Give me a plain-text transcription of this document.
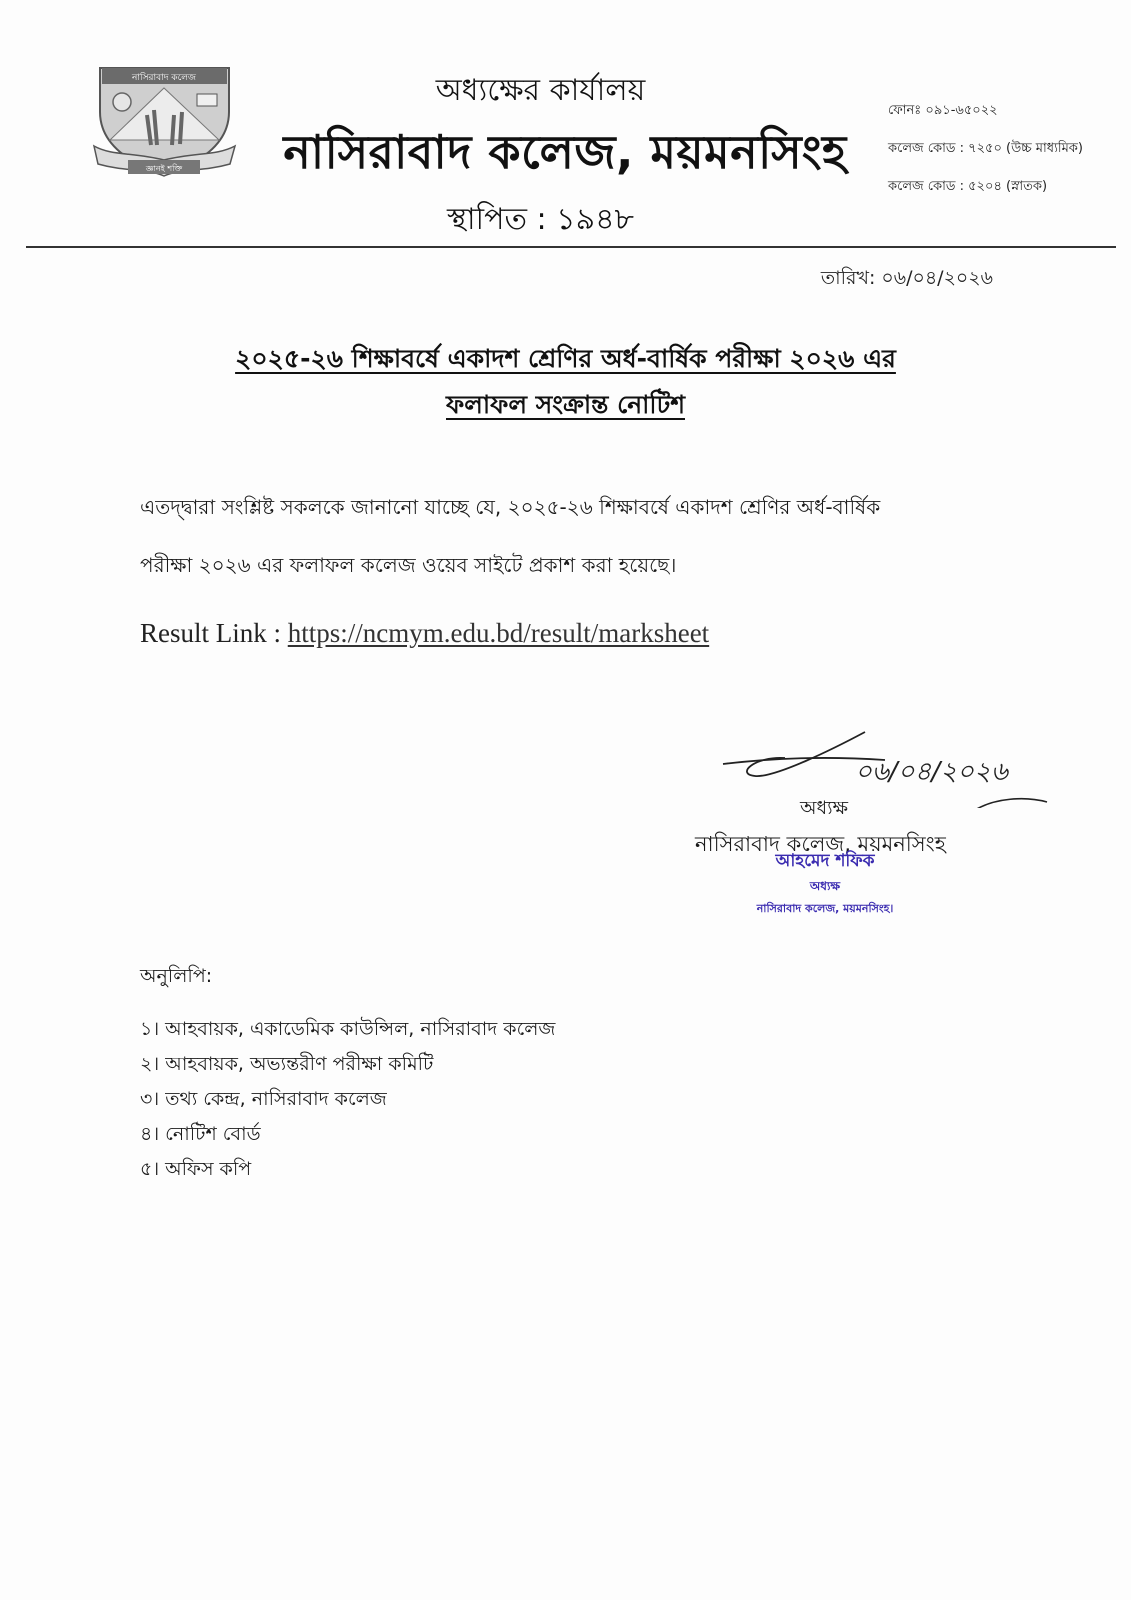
নাসিরাবাদ কলেজ
জ্ঞানই শক্তি
অধ্যক্ষের কার্যালয়
নাসিরাবাদ কলেজ, ময়মনসিংহ
স্থাপিত : ১৯৪৮
ফোনঃ ০৯১-৬৫০২২
কলেজ কোড : ৭২৫০ (উচ্চ মাধ্যমিক)
কলেজ কোড : ৫২০৪ (স্নাতক)
তারিখ: ০৬/০৪/২০২৬
২০২৫-২৬ শিক্ষাবর্ষে একাদশ শ্রেণির অর্ধ-বার্ষিক পরীক্ষা ২০২৬ এর
ফলাফল সংক্রান্ত নোটিশ
এতদ্দ্বারা সংশ্লিষ্ট সকলকে জানানো যাচ্ছে যে, ২০২৫-২৬ শিক্ষাবর্ষে একাদশ শ্রেণির অর্ধ-বার্ষিক
পরীক্ষা ২০২৬ এর ফলাফল কলেজ ওয়েব সাইটে প্রকাশ করা হয়েছে।
Result Link : https://ncmym.edu.bd/result/marksheet
০৬/০৪/২০২৬
অধ্যক্ষ
নাসিরাবাদ কলেজ, ময়মনসিংহ
আহমেদ শফিক
অধ্যক্ষ
নাসিরাবাদ কলেজ, ময়মনসিংহ।
অনুলিপি:
১। আহবায়ক, একাডেমিক কাউন্সিল, নাসিরাবাদ কলেজ
২। আহবায়ক, অভ্যন্তরীণ পরীক্ষা কমিটি
৩। তথ্য কেন্দ্র, নাসিরাবাদ কলেজ
৪। নোটিশ বোর্ড
৫। অফিস কপি
